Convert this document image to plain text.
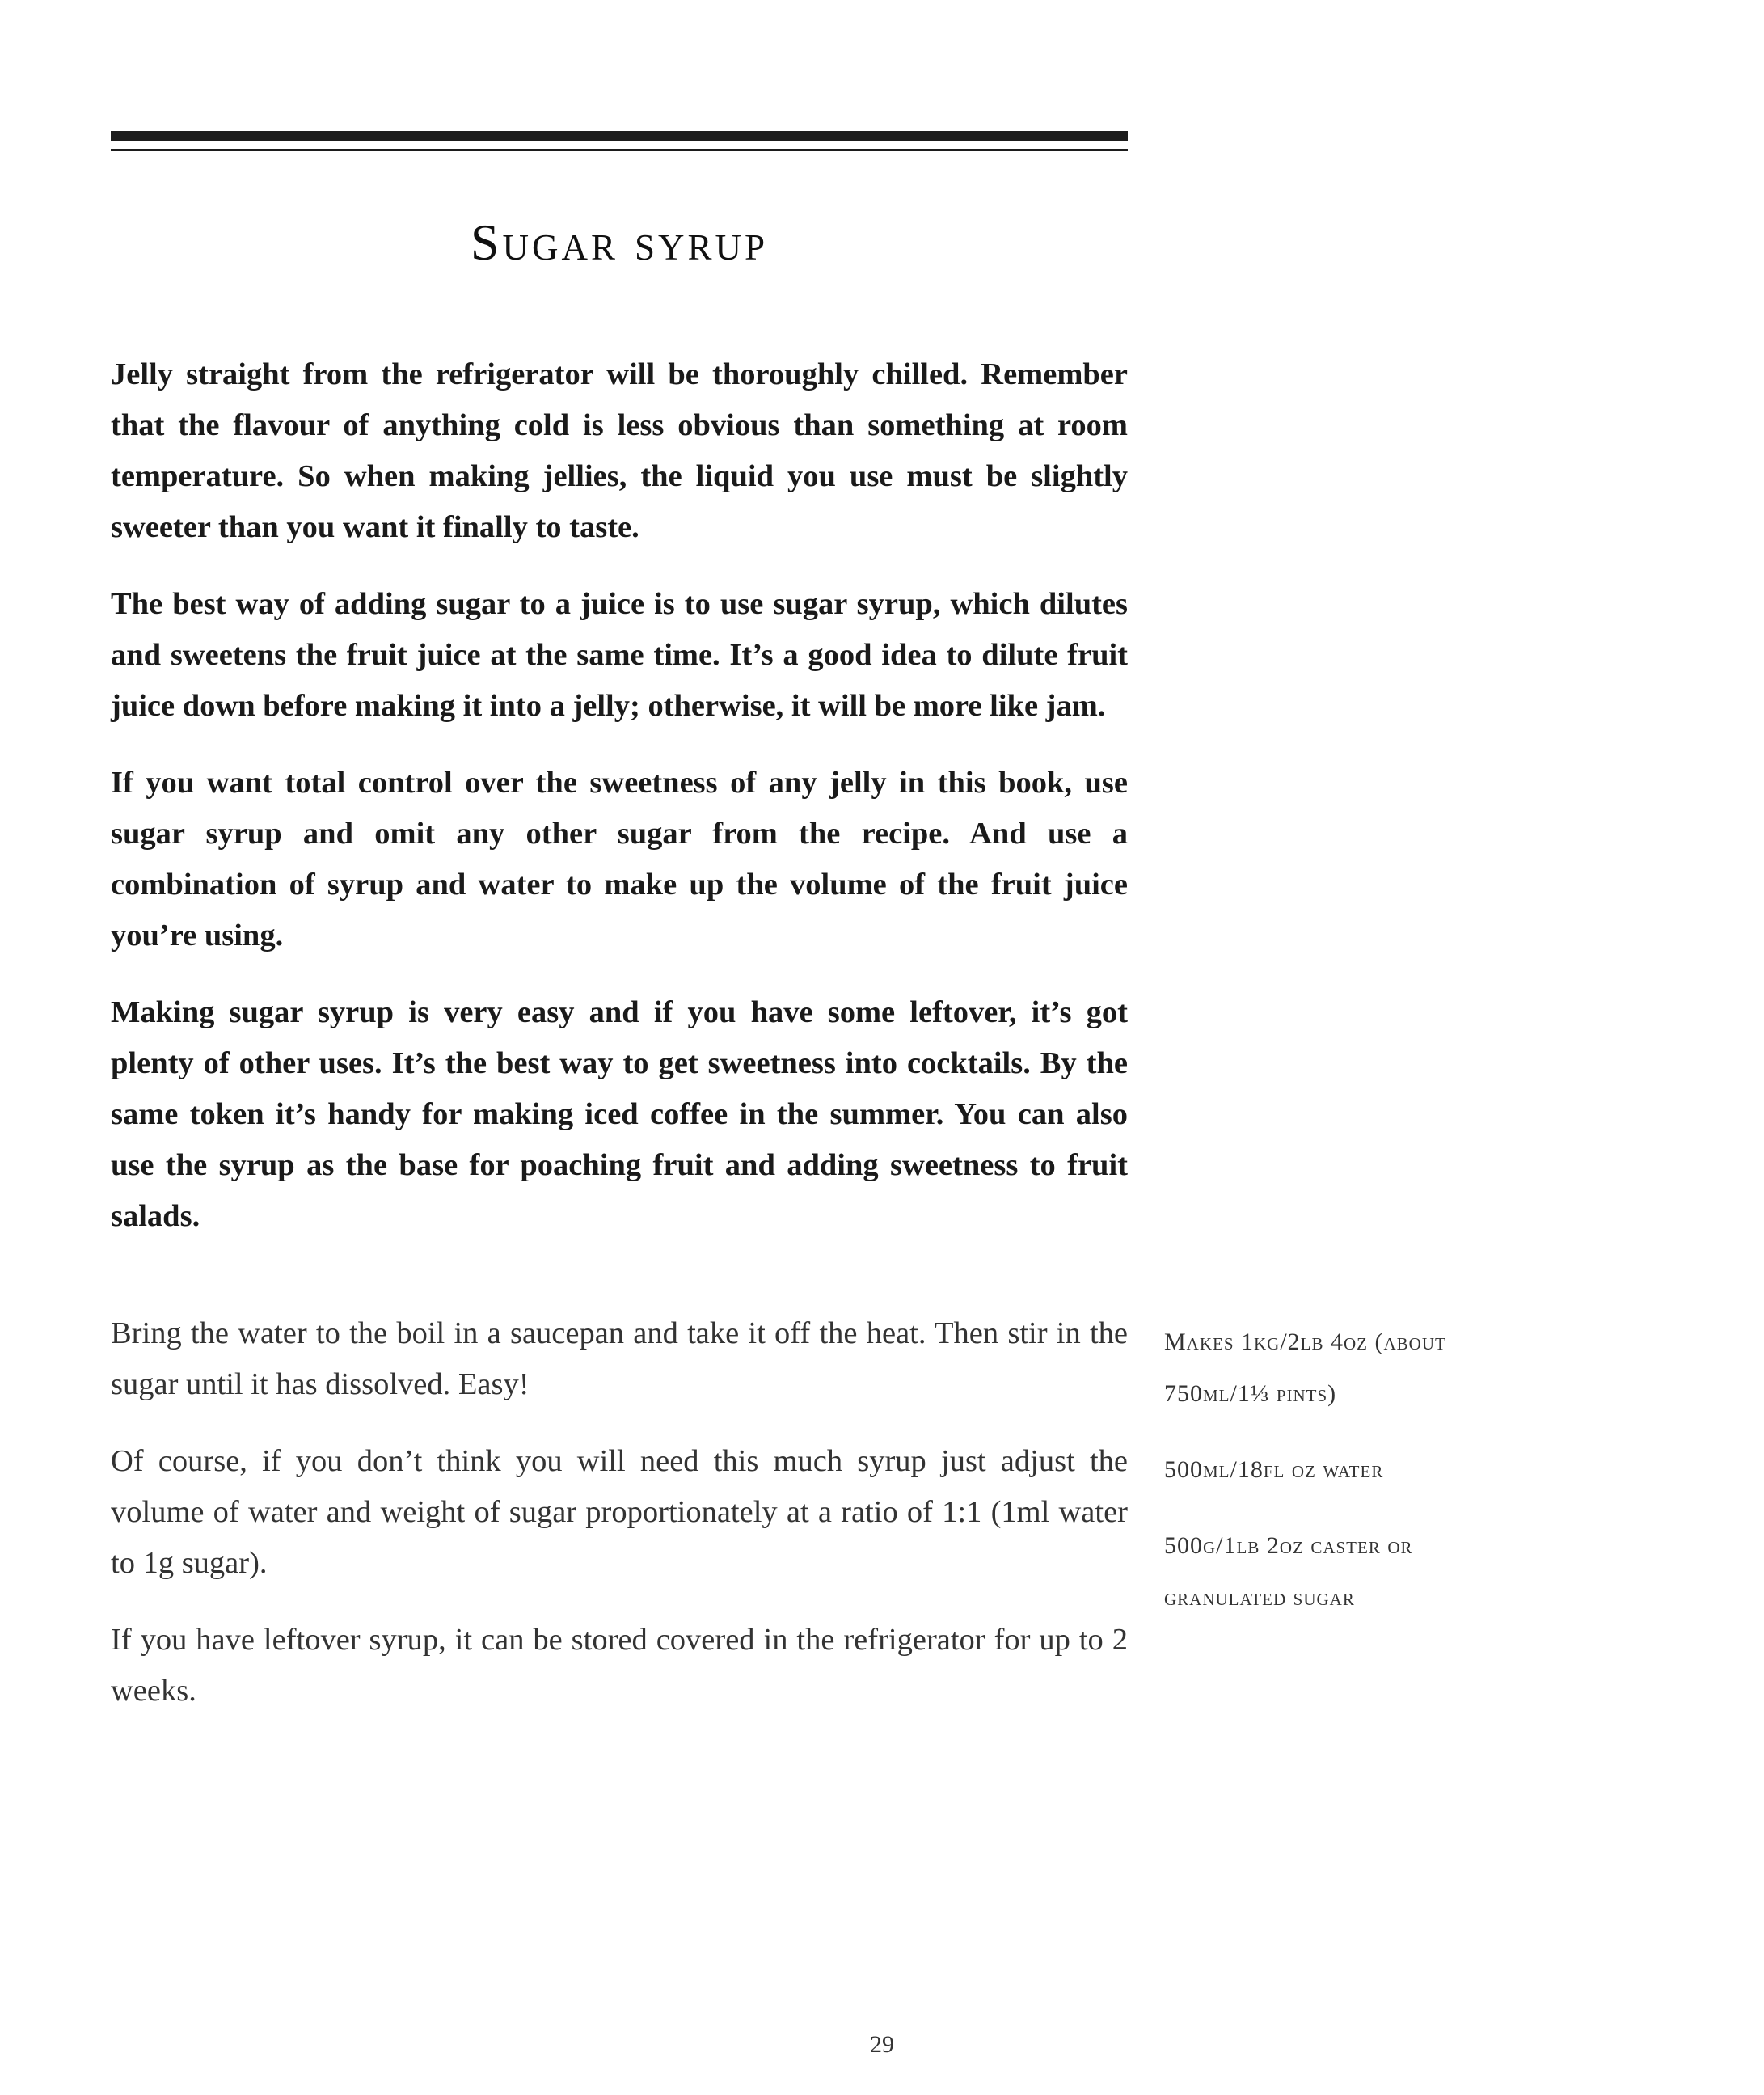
Sugar syrup

Jelly straight from the refrigerator will be thoroughly chilled. Remember that the flavour of anything cold is less obvious than something at room temperature. So when making jellies, the liquid you use must be slightly sweeter than you want it finally to taste.

The best way of adding sugar to a juice is to use sugar syrup, which dilutes and sweetens the fruit juice at the same time. It’s a good idea to dilute fruit juice down before making it into a jelly; otherwise, it will be more like jam.

If you want total control over the sweetness of any jelly in this book, use sugar syrup and omit any other sugar from the recipe. And use a combination of syrup and water to make up the volume of the fruit juice you’re using.

Making sugar syrup is very easy and if you have some leftover, it’s got plenty of other uses. It’s the best way to get sweetness into cocktails. By the same token it’s handy for making iced coffee in the summer. You can also use the syrup as the base for poaching fruit and adding sweetness to fruit salads.

Bring the water to the boil in a saucepan and take it off the heat. Then stir in the sugar until it has dissolved. Easy!

Of course, if you don’t think you will need this much syrup just adjust the volume of water and weight of sugar proportionately at a ratio of 1:1 (1ml water to 1g sugar).

If you have leftover syrup, it can be stored covered in the refrigerator for up to 2 weeks.

Makes 1kg/2lb 4oz (about 750ml/1⅓ pints)

500ml/18fl oz water

500g/1lb 2oz caster or granulated sugar

29
